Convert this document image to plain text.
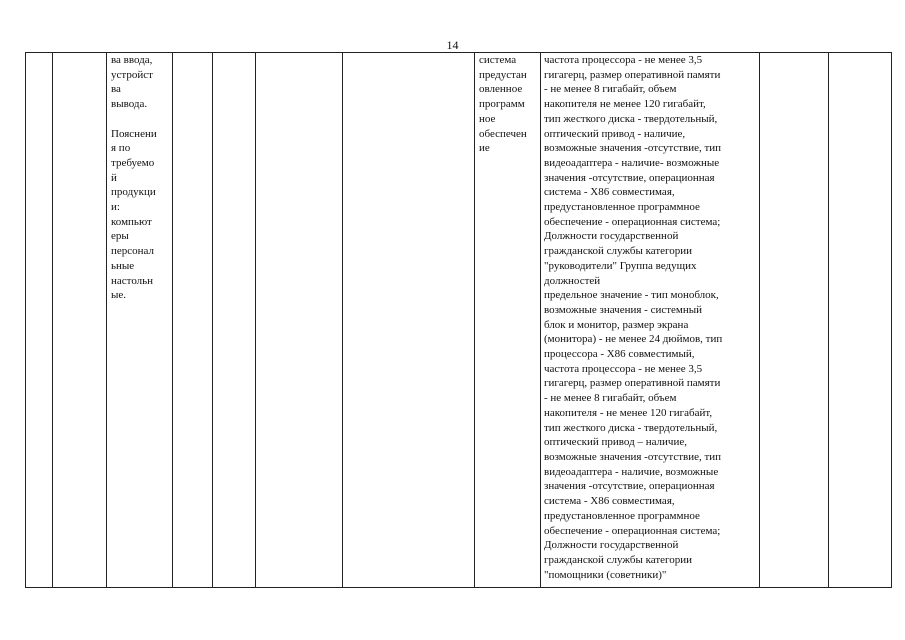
14
		ва ввода,
устройст
ва
вывода.

Пояснени
я по
требуемо
й
продукци
и:
компьют
еры
персонал
ьные
настольн
ые.					система
предустан
овленное
программ
ное
обеспечен
ие	частота процессора - не менее 3,5
гигагерц, размер оперативной памяти
- не менее 8 гигабайт, объем
накопителя не менее 120 гигабайт,
тип жесткого диска - твердотельный,
оптический привод - наличие,
возможные значения -отсутствие, тип
видеоадаптера - наличие- возможные
значения -отсутствие, операционная
система - Х86 совместимая,
предустановленное программное
обеспечение - операционная система;
Должности государственной
гражданской службы категории
"руководители" Группа ведущих
должностей
предельное значение - тип моноблок,
возможные значения - системный
блок и монитор, размер экрана
(монитора) - не менее 24 дюймов, тип
процессора - Х86 совместимый,
частота процессора - не менее 3,5
гигагерц, размер оперативной памяти
- не менее 8 гигабайт, объем
накопителя - не менее 120 гигабайт,
тип жесткого диска - твердотельный,
оптический привод – наличие,
возможные значения -отсутствие, тип
видеоадаптера - наличие, возможные
значения -отсутствие, операционная
система - Х86 совместимая,
предустановленное программное
обеспечение - операционная система;
Должности государственной
гражданской службы категории
"помощники (советники)"		
